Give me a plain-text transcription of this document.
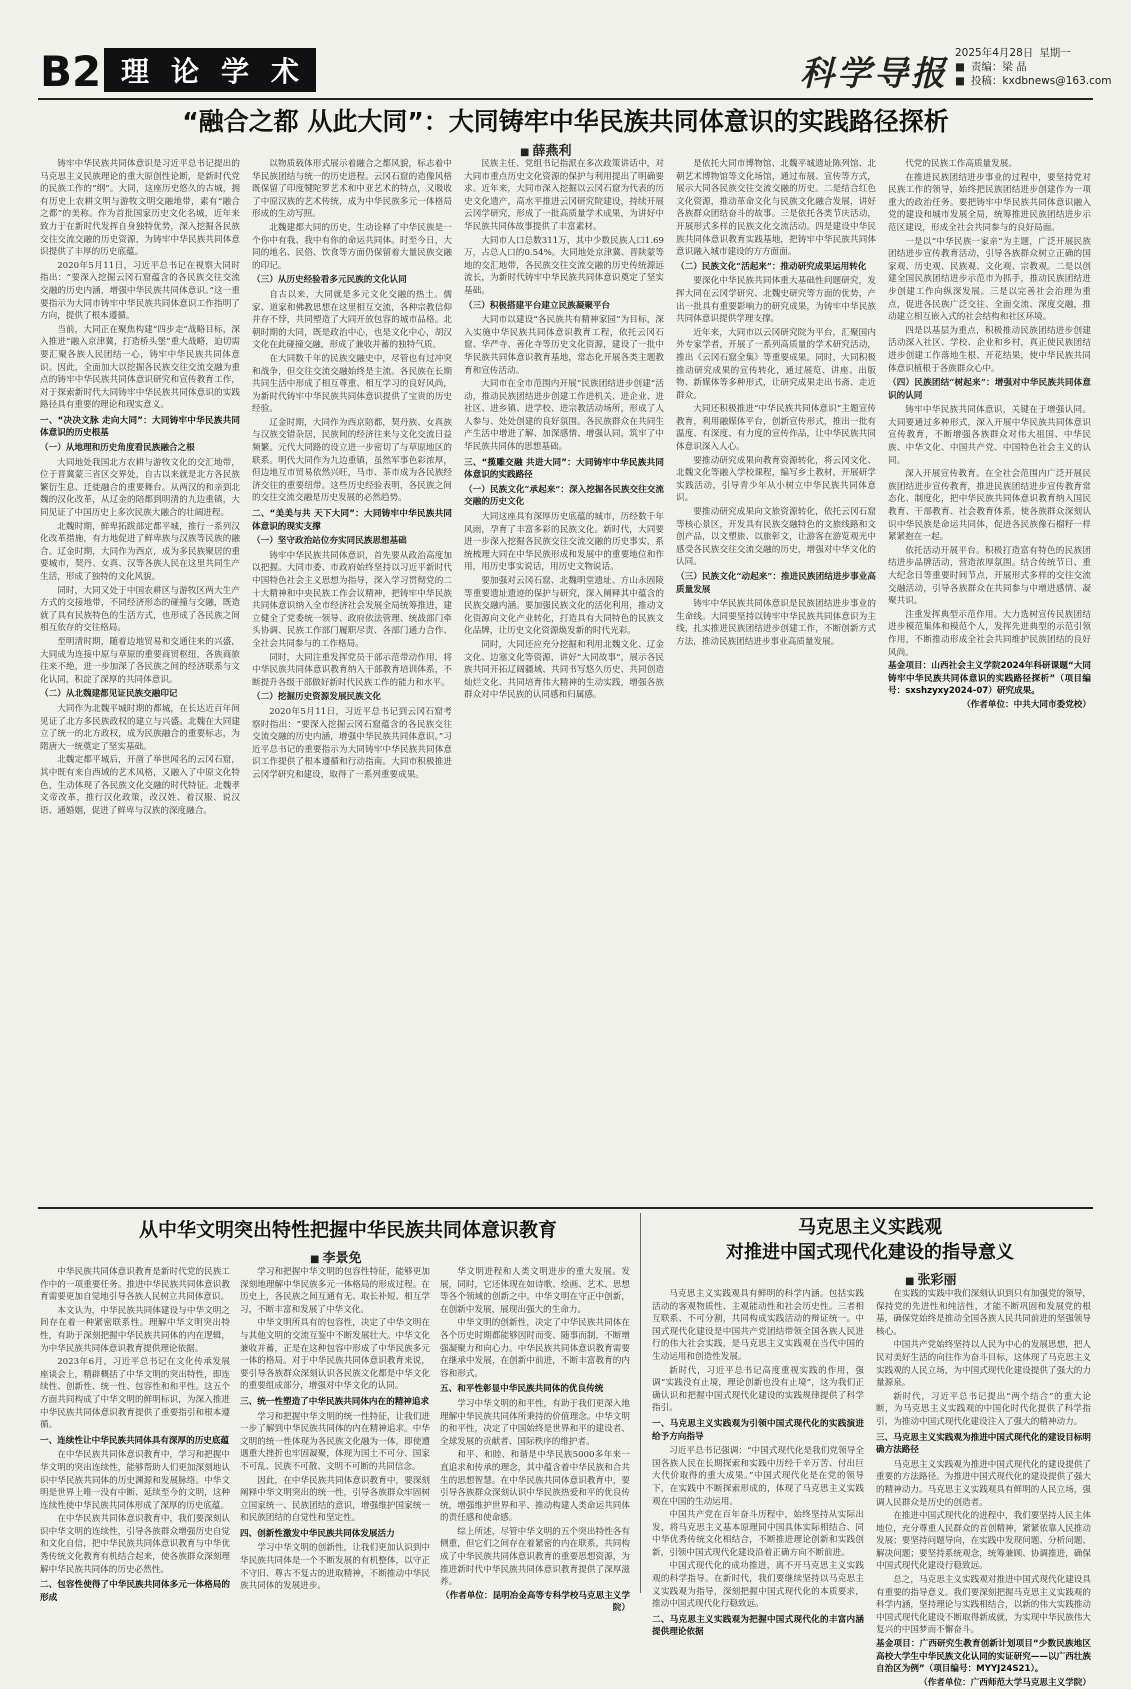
B2 理 论 学 术	科学导报
2025年4月28日 星期一
■ 责编：梁 晶
■ 投稿：kxdbnews@163.com
“融合之都 从此大同”：大同铸牢中华民族共同体意识的实践路径探析
■ 薛燕利

铸牢中华民族共同体意识是习近平总书记提出的马克思主义民族理论的重大原创性论断，是新时代党的民族工作的“纲”。大同，这座历史悠久的古城，拥有历史上农耕文明与游牧文明交融地带，素有“融合之都”的美称。作为首批国家历史文化名城，近年来致力于在新时代发挥自身独特优势，深入挖掘各民族交往交流交融的历史资源，为铸牢中华民族共同体意识提供了丰厚的历史底蕴。

2020年5月11日，习近平总书记在视察大同时指出：“要深入挖掘云冈石窟蕴含的各民族交往交流交融的历史内涵，增强中华民族共同体意识。”这一重要指示为大同市铸牢中华民族共同体意识工作指明了方向，提供了根本遵循。

当前，大同正在聚焦构建“四步走”战略目标，深入推进“融入京津冀，打造桥头堡”重大战略，迫切需要汇聚各族人民团结一心，铸牢中华民族共同体意识。因此，全面加大以挖掘各民族交往交流交融为重点的铸牢中华民族共同体意识研究和宣传教育工作，对于探索新时代大同铸牢中华民族共同体意识的实践路径具有重要的理论和现实意义。

一、“决决文脉 走向大同”：大同铸牢中华民族共同体意识的历史根基

（一）从地理和历史角度看民族融合之根

大同地处我国北方农耕与游牧文化的交汇地带，位于晋冀蒙三省区交界处，自古以来就是北方各民族繁衍生息、迁徙融合的重要舞台。从两汉的和亲到北魏的汉化改革，从辽金的陪都到明清的九边重镇，大同见证了中国历史上多次民族大融合的壮阔进程。

北魏时期，鲜卑拓跋部定都平城，推行一系列汉化改革措施，有力地促进了鲜卑族与汉族等民族的融合。辽金时期，大同作为西京，成为多民族聚居的重要城市，契丹、女真、汉等各族人民在这里共同生产生活，形成了独特的文化风貌。

同时，大同又处于中国农耕区与游牧区两大生产方式的交接地带，不同经济形态的碰撞与交融，既造就了具有民族特色的生活方式，也形成了各民族之间相互依存的交往格局。

至明清时期，随着边地贸易和交通往来的兴盛，大同成为连接中原与草原的重要商贸枢纽，各族商旅往来不绝，进一步加深了各民族之间的经济联系与文化认同，积淀了深厚的共同体意识。

（二）从北魏建都见证民族交融印记

大同作为北魏平城时期的都城，在长达近百年间见证了北方多民族政权的建立与兴盛。北魏在大同建立了统一的北方政权，成为民族融合的重要标志，为隋唐大一统奠定了坚实基础。

北魏定都平城后，开凿了举世闻名的云冈石窟，其中既有来自西域的艺术风格，又融入了中原文化特色，生动体现了各民族文化交融的时代特征。北魏孝文帝改革，推行汉化政策，改汉姓、着汉服、说汉语、通婚姻，促进了鲜卑与汉族的深度融合。

以物质载体形式展示着融合之都风貌，标志着中华民族团结与统一的历史进程。云冈石窟的造像风格既保留了印度犍陀罗艺术和中亚艺术的特点，又吸收了中原汉族的艺术传统，成为中华民族多元一体格局形成的生动写照。

北魏建都大同的历史，生动诠释了中华民族是一个你中有我、我中有你的命运共同体。时至今日，大同的地名、民俗、饮食等方面仍保留着大量民族交融的印记。

（三）从历史经验看多元民族的文化认同

自古以来，大同就是多元文化交融的热土。儒家、道家和佛教思想在这里相互交流，各种宗教信仰并存不悖，共同塑造了大同开放包容的城市品格。北朝时期的大同，既是政治中心，也是文化中心，胡汉文化在此碰撞交融，形成了兼收并蓄的独特气质。

在大同数千年的民族交融史中，尽管也有过冲突和战争，但交往交流交融始终是主流。各民族在长期共同生活中形成了相互尊重、相互学习的良好风尚，为新时代铸牢中华民族共同体意识提供了宝贵的历史经验。

辽金时期，大同作为西京陪都，契丹族、女真族与汉族交错杂居，民族间的经济往来与文化交流日益频繁。元代大同路的设立进一步密切了与草原地区的联系。明代大同作为九边重镇，虽然军事色彩浓厚，但边地互市贸易依然兴旺，马市、茶市成为各民族经济交往的重要纽带。这些历史经验表明，各民族之间的交往交流交融是历史发展的必然趋势。

二、“美美与共 天下大同”：大同铸牢中华民族共同体意识的现实支撑

（一）坚守政治站位夯实同民族思想基础

铸牢中华民族共同体意识，首先要从政治高度加以把握。大同市委、市政府始终坚持以习近平新时代中国特色社会主义思想为指导，深入学习贯彻党的二十大精神和中央民族工作会议精神，把铸牢中华民族共同体意识纳入全市经济社会发展全局统筹推进，建立健全了党委统一领导、政府依法管理、统战部门牵头协调、民族工作部门履职尽责、各部门通力合作、全社会共同参与的工作格局。

同时，大同注重发挥党员干部示范带动作用，将中华民族共同体意识教育纳入干部教育培训体系，不断提升各级干部做好新时代民族工作的能力和水平。

（二）挖掘历史资源发展民族文化

2020年5月11日，习近平总书记到云冈石窟考察时指出：“要深入挖掘云冈石窟蕴含的各民族交往交流交融的历史内涵，增强中华民族共同体意识。”习近平总书记的重要指示为大同铸牢中华民族共同体意识工作提供了根本遵循和行动指南。大同市积极推进云冈学研究和建设，取得了一系列重要成果。

民族主任、党组书记指派在多次政策讲话中，对大同市重点历史文化资源的保护与利用提出了明确要求。近年来，大同市深入挖掘以云冈石窟为代表的历史文化遗产，高水平推进云冈研究院建设，持续开展云冈学研究，形成了一批高质量学术成果，为讲好中华民族共同体故事提供了丰富素材。

大同市人口总数311万，其中少数民族人口1.69万，占总人口的0.54%。大同地处京津冀、晋陕蒙等地的交汇地带，各民族交往交流交融的历史传统源远流长，为新时代铸牢中华民族共同体意识奠定了坚实基础。

（三）积极搭建平台建立民族凝聚平台

大同市以建设“各民族共有精神家园”为目标，深入实施中华民族共同体意识教育工程，依托云冈石窟、华严寺、善化寺等历史文化资源，建设了一批中华民族共同体意识教育基地，常态化开展各类主题教育和宣传活动。

大同市在全市范围内开展“民族团结进步创建”活动，推动民族团结进步创建工作进机关、进企业、进社区、进乡镇、进学校、进宗教活动场所，形成了人人参与、处处创建的良好氛围。各民族群众在共同生产生活中增进了解、加深感情、增强认同，筑牢了中华民族共同体的思想基础。

三、“揽雕交融 共进大同”：大同铸牢中华民族共同体意识的实践路径

（一）民族文化“承起来”：深入挖掘各民族交往交流交融的历史文化

大同这座具有深厚历史底蕴的城市，历经数千年风雨，孕育了丰富多彩的民族文化。新时代，大同要进一步深入挖掘各民族交往交流交融的历史事实，系统梳理大同在中华民族形成和发展中的重要地位和作用，用历史事实说话，用历史文物说话。

要加强对云冈石窟、北魏明堂遗址、方山永固陵等重要遗址遗迹的保护与研究，深入阐释其中蕴含的民族交融内涵。要加强民族文化的活化利用，推动文化资源向文化产业转化，打造具有大同特色的民族文化品牌，让历史文化资源焕发新的时代光彩。

同时，大同还应充分挖掘和利用北魏文化、辽金文化、边塞文化等资源，讲好“大同故事”，展示各民族共同开拓辽阔疆域、共同书写悠久历史、共同创造灿烂文化、共同培育伟大精神的生动实践，增强各族群众对中华民族的认同感和归属感。

是依托大同市博物馆、北魏平城遗址陈列馆、北朝艺术博物馆等文化场馆，通过布展、宣传等方式，展示大同各民族交往交流交融的历史。二是结合红色文化资源，推动革命文化与民族文化融合发展，讲好各族群众团结奋斗的故事。三是依托各类节庆活动，开展形式多样的民族文化交流活动。四是建设中华民族共同体意识教育实践基地，把铸牢中华民族共同体意识融入城市建设的方方面面。

（二）民族文化“活起来”：推动研究成果运用转化

要深化中华民族共同体重大基础性问题研究，发挥大同在云冈学研究、北魏史研究等方面的优势，产出一批具有重要影响力的研究成果，为铸牢中华民族共同体意识提供学理支撑。

近年来，大同市以云冈研究院为平台，汇聚国内外专家学者，开展了一系列高质量的学术研究活动，推出《云冈石窟全集》等重要成果。同时，大同积极推动研究成果的宣传转化，通过展览、讲座、出版物、新媒体等多种形式，让研究成果走出书斋、走近群众。

大同还积极推进“中华民族共同体意识”主题宣传教育，利用融媒体平台，创新宣传形式，推出一批有温度、有深度、有力度的宣传作品，让中华民族共同体意识深入人心。

要推动研究成果向教育资源转化，将云冈文化、北魏文化等融入学校课程，编写乡土教材，开展研学实践活动，引导青少年从小树立中华民族共同体意识。

要推动研究成果向文旅资源转化，依托云冈石窟等核心景区，开发具有民族交融特色的文旅线路和文创产品，以文塑旅、以旅彰文，让游客在游览观光中感受各民族交往交流交融的历史，增强对中华文化的认同。

（三）民族文化“动起来”：推进民族团结进步事业高质量发展

铸牢中华民族共同体意识是民族团结进步事业的生命线。大同要坚持以铸牢中华民族共同体意识为主线，扎实推进民族团结进步创建工作，不断创新方式方法，推动民族团结进步事业高质量发展。

代党的民族工作高质量发展。

在推进民族团结进步事业的过程中，要坚持党对民族工作的领导，始终把民族团结进步创建作为一项重大的政治任务。要把铸牢中华民族共同体意识融入党的建设和城市发展全局，统筹推进民族团结进步示范区建设，形成全社会共同参与的良好局面。

一是以“中华民族一家亲”为主题，广泛开展民族团结进步宣传教育活动，引导各族群众树立正确的国家观、历史观、民族观、文化观、宗教观。二是以创建全国民族团结进步示范市为抓手，推动民族团结进步创建工作向纵深发展。三是以完善社会治理为重点，促进各民族广泛交往、全面交流、深度交融，推动建立相互嵌入式的社会结构和社区环境。

四是以基层为重点，积极推动民族团结进步创建活动深入社区、学校、企业和乡村，真正使民族团结进步创建工作落地生根、开花结果，使中华民族共同体意识植根于各族群众心中。

（四）民族团结“树起来”：增强对中华民族共同体意识的认同

铸牢中华民族共同体意识，关键在于增强认同。大同要通过多种形式，深入开展中华民族共同体意识宣传教育，不断增强各族群众对伟大祖国、中华民族、中华文化、中国共产党、中国特色社会主义的认同。

深入开展宣传教育。在全社会范围内广泛开展民族团结进步宣传教育，推进民族团结进步宣传教育常态化、制度化，把中华民族共同体意识教育纳入国民教育、干部教育、社会教育体系，使各族群众深刻认识中华民族是命运共同体，促进各民族像石榴籽一样紧紧抱在一起。

依托活动开展平台。积极打造富有特色的民族团结进步品牌活动，营造浓厚氛围。结合传统节日、重大纪念日等重要时间节点，开展形式多样的交往交流交融活动，引导各族群众在共同参与中增进感情、凝聚共识。

注重发挥典型示范作用。大力选树宣传民族团结进步模范集体和模范个人，发挥先进典型的示范引领作用，不断推动形成全社会共同维护民族团结的良好风尚。

基金项目：山西社会主义学院2024年科研课题“大同铸牢中华民族共同体意识的实践路径探析”（项目编号：sxshzyxy2024-07）研究成果。

（作者单位：中共大同市委党校）

从中华文明突出特性把握中华民族共同体意识教育
■ 李景免

中华民族共同体意识教育是新时代党的民族工作中的一项重要任务。推进中华民族共同体意识教育需要更加自觉地引导各族人民树立共同体意识。

本文认为，中华民族共同体建设与中华文明之间存在着一种紧密联系性。理解中华文明突出特性，有助于深刻把握中华民族共同体的内在逻辑，为中华民族共同体意识教育提供理论依据。

2023年6月，习近平总书记在文化传承发展座谈会上，精辟概括了中华文明的突出特性，即连续性、创新性、统一性、包容性和和平性。这五个方面共同构成了中华文明的鲜明标识，为深入推进中华民族共同体意识教育提供了重要指引和根本遵循。

一、连续性让中华民族共同体具有深厚的历史底蕴

在中华民族共同体意识教育中，学习和把握中华文明的突出连续性，能够帮助人们更加深刻地认识中华民族共同体的历史渊源和发展脉络。中华文明是世界上唯一没有中断、延续至今的文明，这种连续性使中华民族共同体形成了深厚的历史底蕴。

在中华民族共同体意识教育中，我们要深刻认识中华文明的连续性，引导各族群众增强历史自觉和文化自信，把中华民族共同体意识教育与中华优秀传统文化教育有机结合起来，使各族群众深刻理解中华民族共同体的历史必然性。

二、包容性使得了中华民族共同体多元一体格局的形成

学习和把握中华文明的包容性特征，能够更加深刻地理解中华民族多元一体格局的形成过程。在历史上，各民族之间互通有无、取长补短、相互学习，不断丰富和发展了中华文化。

中华文明所具有的包容性，决定了中华文明在与其他文明的交流互鉴中不断发展壮大。中华文化兼收并蓄，正是在这种包容中形成了中华民族多元一体的格局。对于中华民族共同体意识教育来说，要引导各族群众深刻认识各民族文化都是中华文化的重要组成部分，增强对中华文化的认同。

三、统一性塑造了中华民族共同体内在的精神追求

学习和把握中华文明的统一性特征，让我们进一步了解到中华民族共同体的内在精神追求。中华文明的统一性体现为各民族文化融为一体，即使遭遇重大挫折也牢固凝聚，体现为国土不可分、国家不可乱、民族不可散、文明不可断的共同信念。

因此，在中华民族共同体意识教育中，要深刻阐释中华文明突出的统一性，引导各族群众牢固树立国家统一、民族团结的意识，增强维护国家统一和民族团结的自觉性和坚定性。

四、创新性激发中华民族共同体发展活力

学习中华文明的创新性，让我们更加认识到中华民族共同体是一个不断发展的有机整体，以守正不守旧、尊古不复古的进取精神，不断推动中华民族共同体的发展进步。

华文明进程和人类文明进步的重大发展。发展，同时，它还体现在如诗歌、绘画、艺术、思想等各个领域的创新之中。中华文明在守正中创新，在创新中发展，展现出强大的生命力。

中华文明的创新性，决定了中华民族共同体在各个历史时期都能够因时而变、随事而制，不断增强凝聚力和向心力。中华民族共同体意识教育需要在继承中发展，在创新中前进，不断丰富教育的内容和形式。

五、和平性彰显中华民族共同体的优良传统

学习中华文明的和平性，有助于我们更深入地理解中华民族共同体所秉持的价值理念。中华文明的和平性，决定了中国始终是世界和平的建设者、全球发展的贡献者、国际秩序的维护者。

和平、和睦、和谐是中华民族5000多年来一直追求和传承的理念，其中蕴含着中华民族和合共生的思想智慧。在中华民族共同体意识教育中，要引导各族群众深刻认识中华民族热爱和平的优良传统，增强维护世界和平、推动构建人类命运共同体的责任感和使命感。

综上所述，尽管中华文明的五个突出特性各有侧重，但它们之间存在着紧密的内在联系，共同构成了中华民族共同体意识教育的重要思想资源，为推进新时代中华民族共同体意识教育提供了深厚滋养。

（作者单位：昆明冶金高等专科学校马克思主义学院）

马克思主义实践观
对推进中国式现代化建设的指导意义
■ 张彩丽

马克思主义实践观具有鲜明的科学内涵。包括实践活动的客观物质性、主观能动性和社会历史性。三者相互联系、不可分割，共同构成实践活动的辩证统一。中国式现代化建设是中国共产党团结带领全国各族人民进行的伟大社会实践，是马克思主义实践观在当代中国的生动运用和创造性发展。

新时代，习近平总书记高度重视实践的作用，强调“实践没有止境，理论创新也没有止境”，这为我们正确认识和把握中国式现代化建设的实践规律提供了科学指引。

一、马克思主义实践观为引领中国式现代化的实践演进给予方向指导

习近平总书记强调：“中国式现代化是我们党领导全国各族人民在长期探索和实践中历经千辛万苦、付出巨大代价取得的重大成果。”中国式现代化是在党的领导下，在实践中不断探索形成的，体现了马克思主义实践观在中国的生动运用。

中国共产党在百年奋斗历程中，始终坚持从实际出发，将马克思主义基本原理同中国具体实际相结合、同中华优秀传统文化相结合，不断推进理论创新和实践创新，引领中国式现代化建设沿着正确方向不断前进。

中国式现代化的成功推进，离不开马克思主义实践观的科学指导。在新时代，我们要继续坚持以马克思主义实践观为指导，深刻把握中国式现代化的本质要求，推动中国式现代化行稳致远。

二、马克思主义实践观为把握中国式现代化的丰富内涵提供理论依据

在实践的实践中我们深刻认识到只有加强党的领导，保持党的先进性和纯洁性，才能不断巩固和发展党的根基，确保党始终是推动全国各族人民共同前进的坚强领导核心。

中国共产党始终坚持以人民为中心的发展思想，把人民对美好生活的向往作为奋斗目标，这体现了马克思主义实践观的人民立场，为中国式现代化建设提供了强大的力量源泉。

新时代，习近平总书记提出“两个结合”的重大论断，为马克思主义实践观的中国化时代化提供了科学指引，为推动中国式现代化建设注入了强大的精神动力。

三、马克思主义实践观为推进中国式现代化的建设目标明确方法路径

马克思主义实践观为推进中国式现代化的建设提供了重要的方法路径。为推进中国式现代化的建设提供了强大的精神动力。马克思主义实践观具有鲜明的人民立场，强调人民群众是历史的创造者。

在推进中国式现代化的进程中，我们要坚持人民主体地位，充分尊重人民群众的首创精神，紧紧依靠人民推动发展；要坚持问题导向，在实践中发现问题、分析问题、解决问题；要坚持系统观念，统筹兼顾、协调推进，确保中国式现代化建设行稳致远。

总之，马克思主义实践观对推进中国式现代化建设具有重要的指导意义。我们要深刻把握马克思主义实践观的科学内涵，坚持理论与实践相结合，以新的伟大实践推动中国式现代化建设不断取得新成就，为实现中华民族伟大复兴的中国梦而不懈奋斗。

基金项目：广西研究生教育创新计划项目“少数民族地区高校大学生中华民族文化认同的实证研究——以广西壮族自治区为例”（项目编号：MYYJ24S21）。

（作者单位：广西师范大学马克思主义学院）
